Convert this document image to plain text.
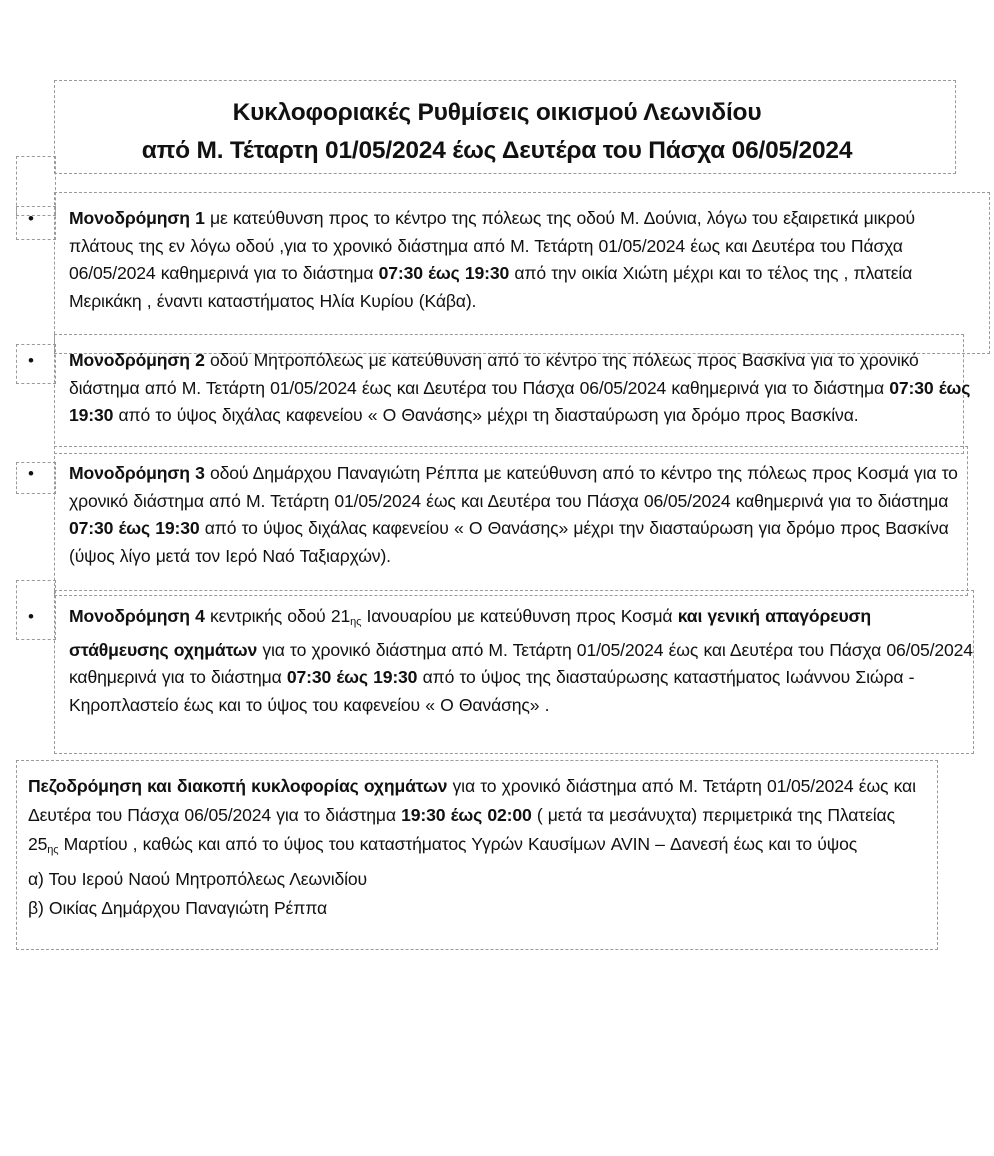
Κυκλοφοριακές Ρυθμίσεις οικισμού Λεωνιδίου

από Μ. Τέταρτη 01/05/2024 έως Δευτέρα του Πάσχα 06/05/2024

• Μονοδρόμηση 1 με κατεύθυνση προς το κέντρο της πόλεως της οδού Μ. Δούνια, λόγω του εξαιρετικά μικρού πλάτους της εν λόγω οδού ,για το χρονικό διάστημα από Μ. Τετάρτη 01/05/2024 έως και Δευτέρα του Πάσχα 06/05/2024 καθημερινά για το διάστημα 07:30 έως 19:30 από την οικία Χιώτη μέχρι και το τέλος της , πλατεία Μερικάκη , έναντι καταστήματος Ηλία Κυρίου (Κάβα).
• Μονοδρόμηση 2 οδού Μητροπόλεως με κατεύθυνση από το κέντρο της πόλεως προς Βασκίνα για το χρονικό διάστημα από Μ. Τετάρτη 01/05/2024 έως και Δευτέρα του Πάσχα 06/05/2024 καθημερινά για το διάστημα 07:30 έως 19:30 από το ύψος διχάλας καφενείου « Ο Θανάσης» μέχρι τη διασταύρωση για δρόμο προς Βασκίνα.
• Μονοδρόμηση 3 οδού Δημάρχου Παναγιώτη Ρέππα με κατεύθυνση από το κέντρο της πόλεως προς Κοσμά για το χρονικό διάστημα από Μ. Τετάρτη 01/05/2024 έως και Δευτέρα του Πάσχα 06/05/2024 καθημερινά για το διάστημα 07:30 έως 19:30 από το ύψος διχάλας καφενείου « Ο Θανάσης» μέχρι την διασταύρωση για δρόμο προς Βασκίνα (ύψος λίγο μετά τον Ιερό Ναό Ταξιαρχών).
• Μονοδρόμηση 4 κεντρικής οδού $21_{\eta\varsigma}$ Ιανουαρίου με κατεύθυνση προς Κοσμά και γενική απαγόρευση στάθμευσης οχημάτων για το χρονικό διάστημα από Μ. Τετάρτη 01/05/2024 έως και Δευτέρα του Πάσχα 06/05/2024 καθημερινά για το διάστημα 07:30 έως 19:30 από το ύψος της διασταύρωσης καταστήματος Ιωάννου Σιώρα - Κηροπλαστείο έως και το ύψος του καφενείου « Ο Θανάσης» .

Πεζοδρόμηση και διακοπή κυκλοφορίας οχημάτων για το χρονικό διάστημα από Μ. Τετάρτη 01/05/2024 έως και Δευτέρα του Πάσχα 06/05/2024 για το διάστημα 19:30 έως 02:00 ( μετά τα μεσάνυχτα) περιμετρικά της Πλατείας $25_{\eta\varsigma}$ Μαρτίου , καθώς και από το ύψος του καταστήματος Υγρών Καυσίμων AVIN – Δανεσή έως και το ύψος

α) Του Ιερού Ναού Μητροπόλεως Λεωνιδίου

β) Οικίας Δημάρχου Παναγιώτη Ρέππα
